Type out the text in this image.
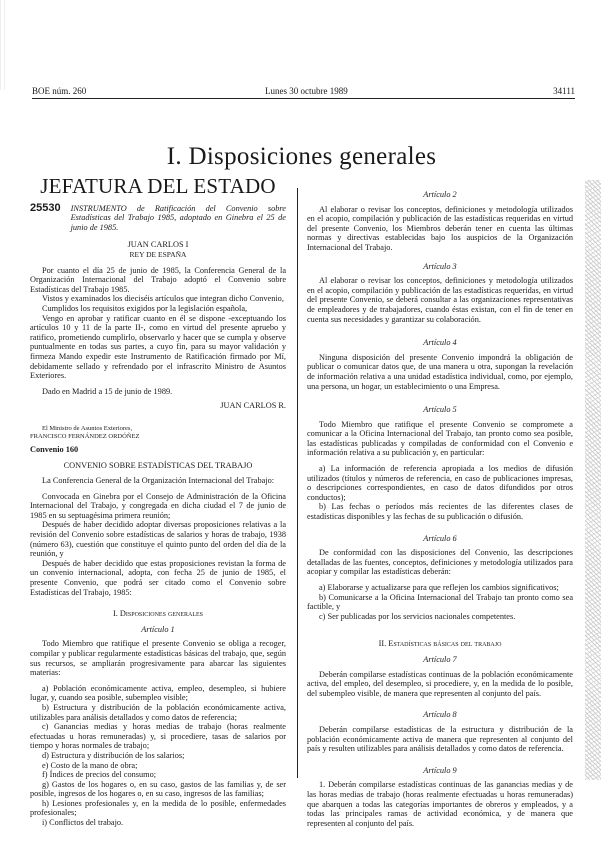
BOE núm. 260	Lunes 30 octubre 1989	34111
I. Disposiciones generales
JEFATURA DEL ESTADO
25530 INSTRUMENTO de Ratificación del Convenio sobre Estadísticas del Trabajo 1985, adoptado en Ginebra el 25 de junio de 1985.
JUAN CARLOS I
REY DE ESPAÑA

Por cuanto el día 25 de junio de 1985, la Conferencia General de la Organización Internacional del Trabajo adoptó el Convenio sobre Estadísticas del Trabajo 1985.

Vistos y examinados los dieciséis artículos que integran dicho Convenio,

Cumplidos los requisitos exigidos por la legislación española,

Vengo en aprobar y ratificar cuanto en él se dispone -exceptuando los artículos 10 y 11 de la parte II-, como en virtud del presente apruebo y ratifico, prometiendo cumplirlo, observarlo y hacer que se cumpla y observe puntualmente en todas sus partes, a cuyo fin, para su mayor validación y firmeza Mando expedir este Instrumento de Ratificación firmado por Mí, debidamente sellado y refrendado por el infrascrito Ministro de Asuntos Exteriores.

Dado en Madrid a 15 de junio de 1989.

JUAN CARLOS R.
El Ministro de Asuntos Exteriores,
FRANCISCO FERNÁNDEZ ORDÓÑEZ
Convenio 160
CONVENIO SOBRE ESTADÍSTICAS DEL TRABAJO

La Conferencia General de la Organización Internacional del Trabajo:

Convocada en Ginebra por el Consejo de Administración de la Oficina Internacional del Trabajo, y congregada en dicha ciudad el 7 de junio de 1985 en su septuagésima primera reunión;

Después de haber decidido adoptar diversas proposiciones relativas a la revisión del Convenio sobre estadísticas de salarios y horas de trabajo, 1938 (número 63), cuestión que constituye el quinto punto del orden del día de la reunión, y

Después de haber decidido que estas proposiciones revistan la forma de un convenio internacional, adopta, con fecha 25 de junio de 1985, el presente Convenio, que podrá ser citado como el Convenio sobre Estadísticas del Trabajo, 1985:

I. Disposiciones generales
Artículo 1

Todo Miembro que ratifique el presente Convenio se obliga a recoger, compilar y publicar regularmente estadísticas básicas del trabajo, que, según sus recursos, se ampliarán progresivamente para abarcar las siguientes materias:

a) Población económicamente activa, empleo, desempleo, si hubiere lugar, y, cuando sea posible, subempleo visible;

b) Estructura y distribución de la población económicamente activa, utilizables para análisis detallados y como datos de referencia;

c) Ganancias medias y horas medias de trabajo (horas realmente efectuadas u horas remuneradas) y, si procediere, tasas de salarios por tiempo y horas normales de trabajo;

d) Estructura y distribución de los salarios;

e) Costo de la mano de obra;

f) Índices de precios del consumo;

g) Gastos de los hogares o, en su caso, gastos de las familias y, de ser posible, ingresos de los hogares o, en su caso, ingresos de las familias;

h) Lesiones profesionales y, en la medida de lo posible, enfermedades profesionales;

i) Conflictos del trabajo.

Artículo 2

Al elaborar o revisar los conceptos, definiciones y metodología utilizados en el acopio, compilación y publicación de las estadísticas requeridas en virtud del presente Convenio, los Miembros deberán tener en cuenta las últimas normas y directivas establecidas bajo los auspicios de la Organización Internacional del Trabajo.

Artículo 3

Al elaborar o revisar los conceptos, definiciones y metodología utilizados en el acopio, compilación y publicación de las estadísticas requeridas, en virtud del presente Convenio, se deberá consultar a las organizaciones representativas de empleadores y de trabajadores, cuando éstas existan, con el fin de tener en cuenta sus necesidades y garantizar su colaboración.

Artículo 4

Ninguna disposición del presente Convenio impondrá la obligación de publicar o comunicar datos que, de una manera u otra, supongan la revelación de información relativa a una unidad estadística individual, como, por ejemplo, una persona, un hogar, un establecimiento o una Empresa.

Artículo 5

Todo Miembro que ratifique el presente Convenio se compromete a comunicar a la Oficina Internacional del Trabajo, tan pronto como sea posible, las estadísticas publicadas y compiladas de conformidad con el Convenio e información relativa a su publicación y, en particular:

a) La información de referencia apropiada a los medios de difusión utilizados (títulos y números de referencia, en caso de publicaciones impresas, o descripciones correspondientes, en caso de datos difundidos por otros conductos);

b) Las fechas o períodos más recientes de las diferentes clases de estadísticas disponibles y las fechas de su publicación o difusión.

Artículo 6

De conformidad con las disposiciones del Convenio, las descripciones detalladas de las fuentes, conceptos, definiciones y metodología utilizados para acopiar y compilar las estadísticas deberán:

a) Elaborarse y actualizarse para que reflejen los cambios significativos;

b) Comunicarse a la Oficina Internacional del Trabajo tan pronto como sea factible, y

c) Ser publicadas por los servicios nacionales competentes.

II. Estadísticas básicas del trabajo
Artículo 7

Deberán compilarse estadísticas continuas de la población económicamente activa, del empleo, del desempleo, si procediere, y, en la medida de lo posible, del subempleo visible, de manera que representen al conjunto del país.

Artículo 8

Deberán compilarse estadísticas de la estructura y distribución de la población económicamente activa de manera que representen al conjunto del país y resulten utilizables para análisis detallados y como datos de referencia.

Artículo 9

1. Deberán compilarse estadísticas continuas de las ganancias medias y de las horas medias de trabajo (horas realmente efectuadas u horas remuneradas) que abarquen a todas las categorías importantes de obreros y empleados, y a todas las principales ramas de actividad económica, y de manera que representen al conjunto del país.
